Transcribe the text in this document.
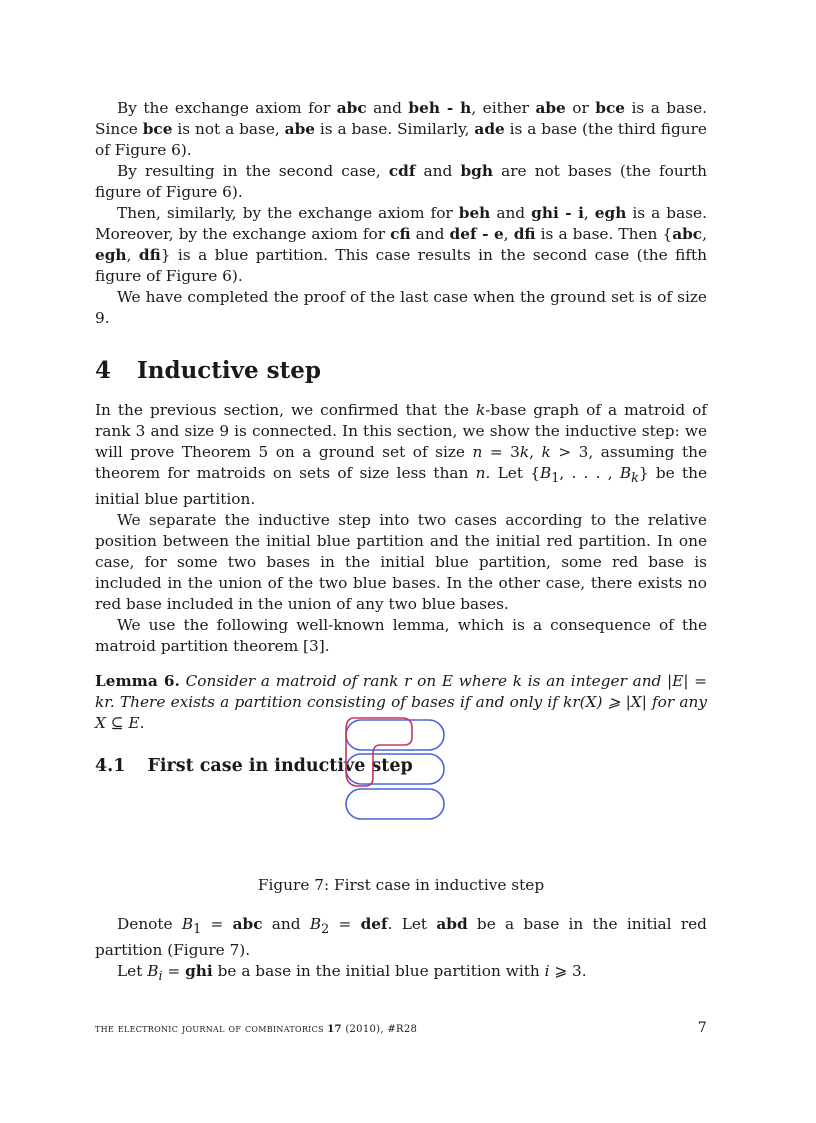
By the exchange axiom for abc and beh - h, either abe or bce is a base. Since bce is not a base, abe is a base. Similarly, ade is a base (the third figure of Figure 6).

By resulting in the second case, cdf and bgh are not bases (the fourth figure of Figure 6).

Then, similarly, by the exchange axiom for beh and ghi - i, egh is a base. Moreover, by the exchange axiom for cfi and def - e, dfi is a base. Then {abc, egh, dfi} is a blue partition. This case results in the second case (the fifth figure of Figure 6).

We have completed the proof of the last case when the ground set is of size 9.

4 Inductive step

In the previous section, we confirmed that the k-base graph of a matroid of rank 3 and size 9 is connected. In this section, we show the inductive step: we will prove Theorem 5 on a ground set of size n = 3k, k > 3, assuming the theorem for matroids on sets of size less than n. Let {$B_1$, . . . , $B_k$} be the initial blue partition.

We separate the inductive step into two cases according to the relative position between the initial blue partition and the initial red partition. In one case, for some two bases in the initial blue partition, some red base is included in the union of the two blue bases. In the other case, there exists no red base included in the union of any two blue bases.

We use the following well-known lemma, which is a consequence of the matroid partition theorem [3].

Lemma 6. Consider a matroid of rank r on E where k is an integer and |E| = kr. There exists a partition consisting of bases if and only if kr(X) ⩾ |X| for any X ⊆ E.

4.1 First case in inductive step
Figure 7: First case in inductive step

Denote $B_1$ = abc and $B_2$ = def. Let abd be a base in the initial red partition (Figure 7).

Let $B_i$ = ghi be a base in the initial blue partition with i ⩾ 3.

the electronic journal of combinatorics 17 (2010), #R28	7
